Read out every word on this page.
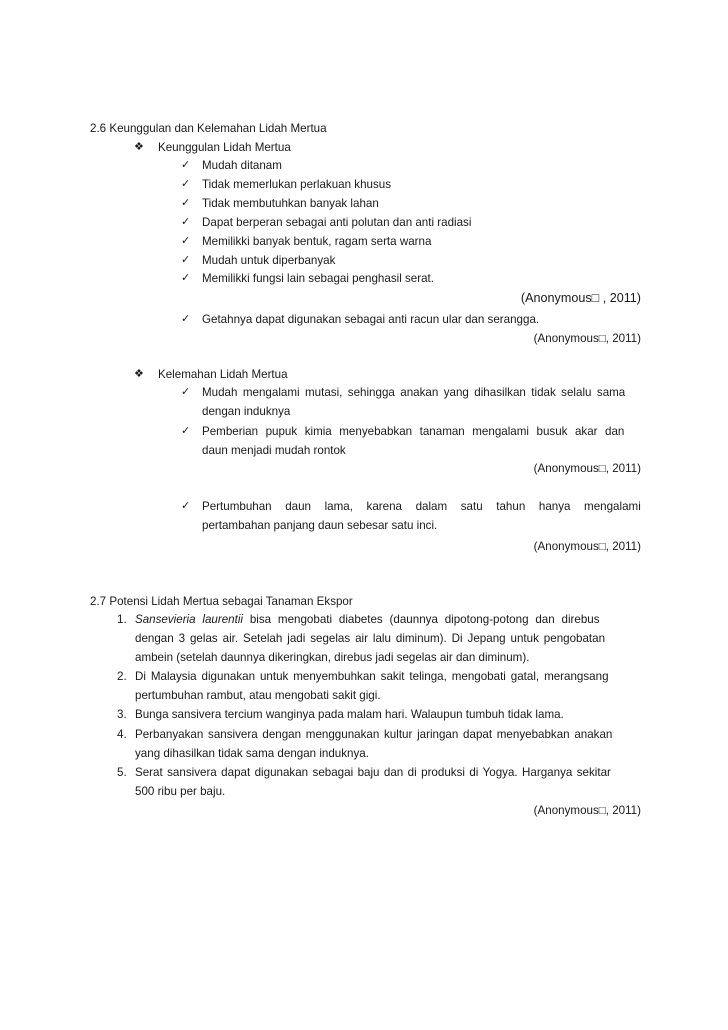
2.6 Keunggulan dan Kelemahan Lidah Mertua
❖ Keunggulan Lidah Mertua
✓ Mudah ditanam
✓ Tidak memerlukan perlakuan khusus
✓ Tidak membutuhkan banyak lahan
✓ Dapat berperan sebagai anti polutan dan anti radiasi
✓ Memilikki banyak bentuk, ragam serta warna
✓ Mudah untuk diperbanyak
✓ Memilikki fungsi lain sebagai penghasil serat.
(Anonymous□ , 2011)
✓ Getahnya dapat digunakan sebagai anti racun ular dan serangga.
(Anonymous□, 2011)
❖ Kelemahan Lidah Mertua
✓ Mudah mengalami mutasi, sehingga anakan yang dihasilkan tidak selalu sama
dengan induknya
✓ Pemberian pupuk kimia menyebabkan tanaman mengalami busuk akar dan
daun menjadi mudah rontok
(Anonymous□, 2011)
✓ Pertumbuhan daun lama, karena dalam satu tahun hanya mengalami
pertambahan panjang daun sebesar satu inci.
(Anonymous□, 2011)
2.7 Potensi Lidah Mertua sebagai Tanaman Ekspor
1. Sansevieria laurentii bisa mengobati diabetes (daunnya dipotong-potong dan direbus
dengan 3 gelas air. Setelah jadi segelas air lalu diminum). Di Jepang untuk pengobatan
ambein (setelah daunnya dikeringkan, direbus jadi segelas air dan diminum).
2. Di Malaysia digunakan untuk menyembuhkan sakit telinga, mengobati gatal, merangsang
pertumbuhan rambut, atau mengobati sakit gigi.
3. Bunga sansivera tercium wanginya pada malam hari. Walaupun tumbuh tidak lama.
4. Perbanyakan sansivera dengan menggunakan kultur jaringan dapat menyebabkan anakan
yang dihasilkan tidak sama dengan induknya.
5. Serat sansivera dapat digunakan sebagai baju dan di produksi di Yogya. Harganya sekitar
500 ribu per baju.
(Anonymous□, 2011)
